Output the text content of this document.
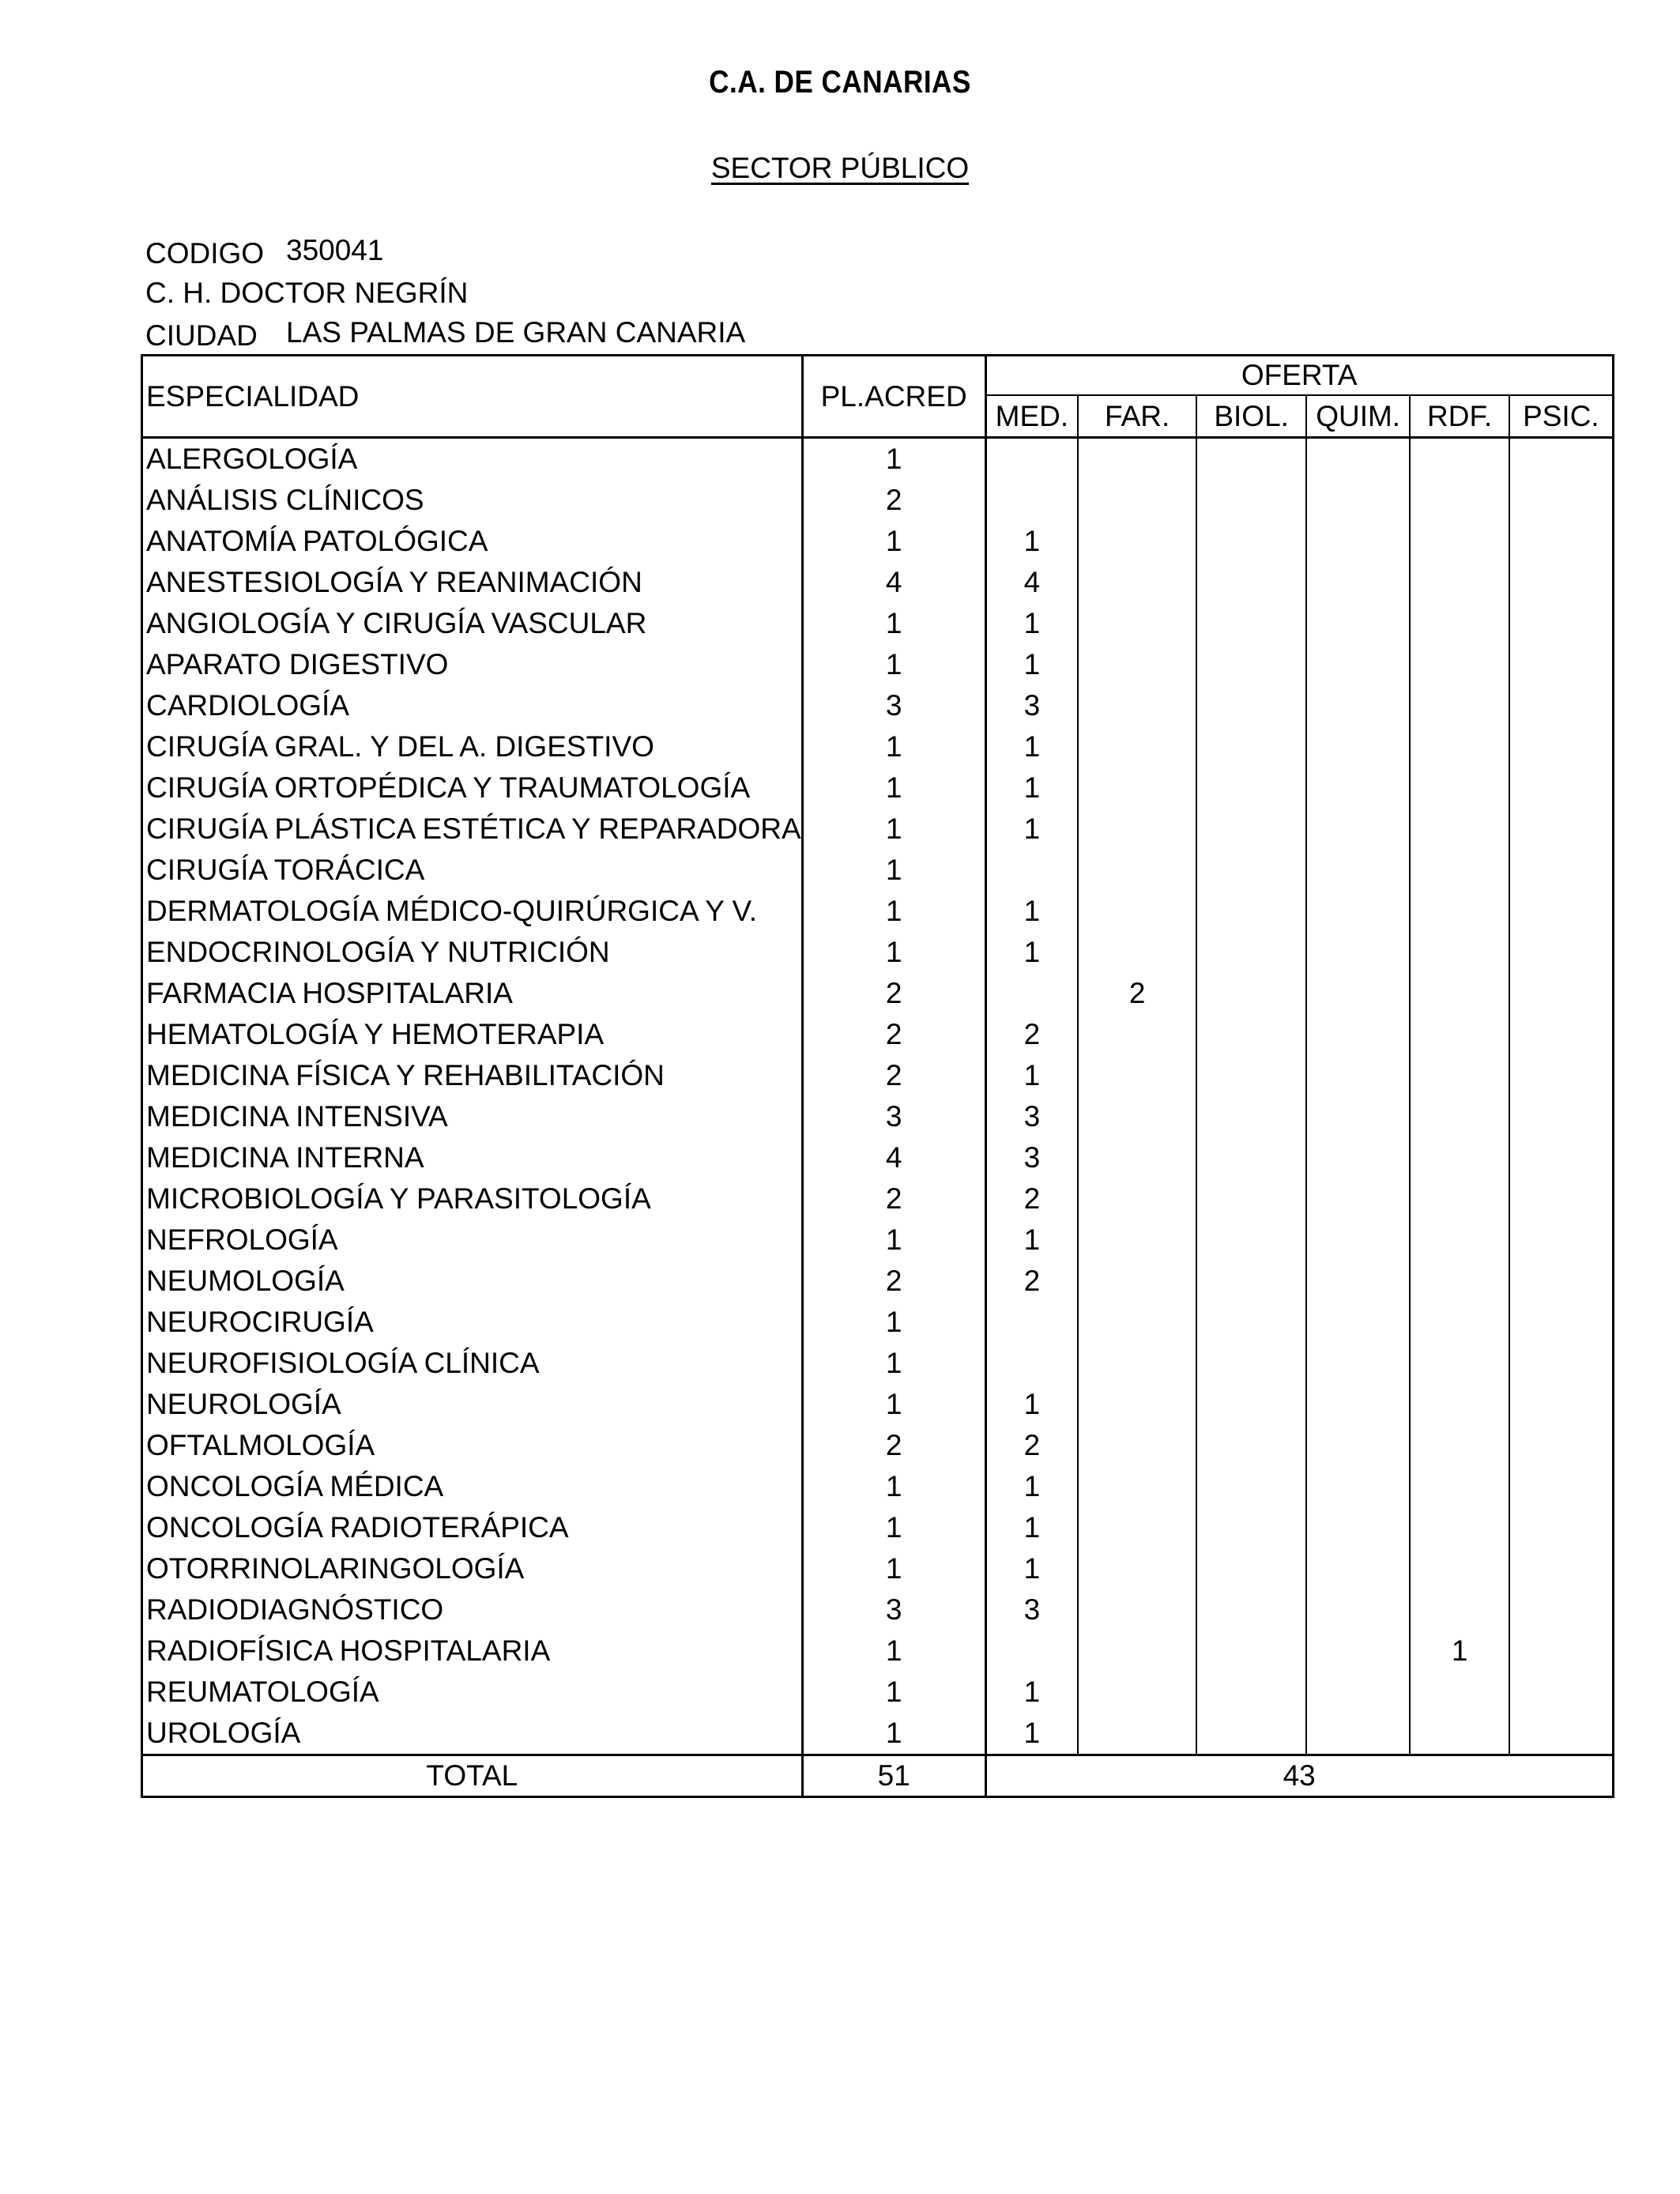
C.A. DE CANARIAS
SECTOR PÚBLICO
CODIGO 350041
C. H. DOCTOR NEGRÍN
CIUDAD LAS PALMAS DE GRAN CANARIA
ESPECIALIDAD	PL.ACRED	OFERTA					
		MED.	FAR.	BIOL.	QUIM.	RDF.	PSIC.
ALERGOLOGÍA	1						
ANÁLISIS CLÍNICOS	2						
ANATOMÍA PATOLÓGICA	1	1					
ANESTESIOLOGÍA Y REANIMACIÓN	4	4					
ANGIOLOGÍA Y CIRUGÍA VASCULAR	1	1					
APARATO DIGESTIVO	1	1					
CARDIOLOGÍA	3	3					
CIRUGÍA GRAL. Y DEL A. DIGESTIVO	1	1					
CIRUGÍA ORTOPÉDICA Y TRAUMATOLOGÍA	1	1					
CIRUGÍA PLÁSTICA ESTÉTICA Y REPARADORA	1	1					
CIRUGÍA TORÁCICA	1						
DERMATOLOGÍA MÉDICO-QUIRÚRGICA Y V.	1	1					
ENDOCRINOLOGÍA Y NUTRICIÓN	1	1					
FARMACIA HOSPITALARIA	2		2				
HEMATOLOGÍA Y HEMOTERAPIA	2	2					
MEDICINA FÍSICA Y REHABILITACIÓN	2	1					
MEDICINA INTENSIVA	3	3					
MEDICINA INTERNA	4	3					
MICROBIOLOGÍA Y PARASITOLOGÍA	2	2					
NEFROLOGÍA	1	1					
NEUMOLOGÍA	2	2					
NEUROCIRUGÍA	1						
NEUROFISIOLOGÍA CLÍNICA	1						
NEUROLOGÍA	1	1					
OFTALMOLOGÍA	2	2					
ONCOLOGÍA MÉDICA	1	1					
ONCOLOGÍA RADIOTERÁPICA	1	1					
OTORRINOLARINGOLOGÍA	1	1					
RADIODIAGNÓSTICO	3	3					
RADIOFÍSICA HOSPITALARIA	1					1	
REUMATOLOGÍA	1	1					
UROLOGÍA	1	1					
TOTAL	51	43					
